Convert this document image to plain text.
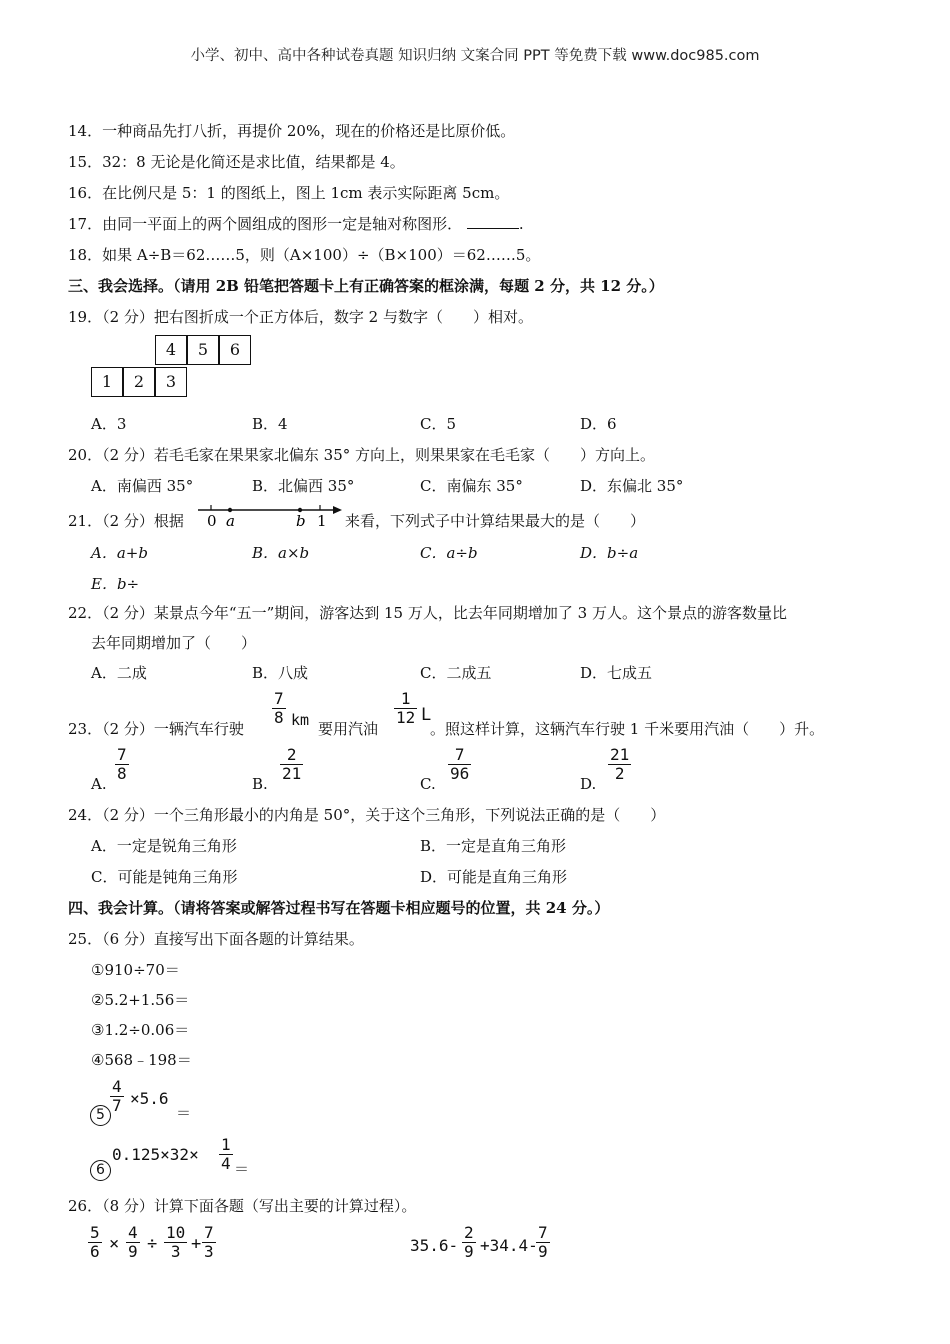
小学、初中、高中各种试卷真题 知识归纳 文案合同 PPT 等免费下载 www.doc985.com
14．一种商品先打八折，再提价 20%，现在的价格还是比原价低。
15．32：8 无论是化简还是求比值，结果都是 4。
16．在比例尺是 5：1 的图纸上，图上 1cm 表示实际距离 5cm。
17．由同一平面上的两个圆组成的图形一定是轴对称图形．	.
18．如果 A÷B＝62……5，则（A×100）÷（B×100）＝62……5。
三、我会选择。（请用 2B 铅笔把答题卡上有正确答案的框涂满，每题 2 分，共 12 分。）
19．（2 分）把右图折成一个正方体后，数字 2 与数字（　　）相对。
4	5	6
1	2	3
A．3	B．4	C．5	D．6
20．（2 分）若毛毛家在果果家北偏东 35° 方向上，则果果家在毛毛家（　　）方向上。
A．南偏西 35°	B．北偏西 35°	C．南偏东 35°	D．东偏北 35°
21．（2 分）根据 0 a	b 1 来看，下列式子中计算结果最大的是（　　）
A．a+b	B．a×b	C．a÷b	D．b÷a
E．b÷
22．（2 分）某景点今年“五一”期间，游客达到 15 万人，比去年同期增加了 3 万人。这个景点的游客数量比
去年同期增加了（　　）
A．二成	B．八成	C．二成五	D．七成五
23．（2 分）一辆汽车行驶
7
8 km 要用汽油
1
12 L
。照这样计算，这辆汽车行驶 1 千米要用汽油（　　）升。
A.
7
8
B.
2
21
C.
7
96
D.
21
2
24．（2 分）一个三角形最小的内角是 50°，关于这个三角形，下列说法正确的是（　　）
A．一定是锐角三角形	B．一定是直角三角形
C．可能是钝角三角形	D．可能是直角三角形
四、我会计算。（请将答案或解答过程书写在答题卡相应题号的位置，共 24 分。）
25．（6 分）直接写出下面各题的计算结果。
①910÷70＝
②5.2+1.56＝
③1.2÷0.06＝
④568﹣198＝
5
4
7 ×5.6
＝
6
0.125×32×
1
4 ＝
26．（8 分）计算下面各题（写出主要的计算过程）。
5
6 ×
4
9 ÷
10
3 +
7
3	35.6-
2
9 +34.4-
7
9
